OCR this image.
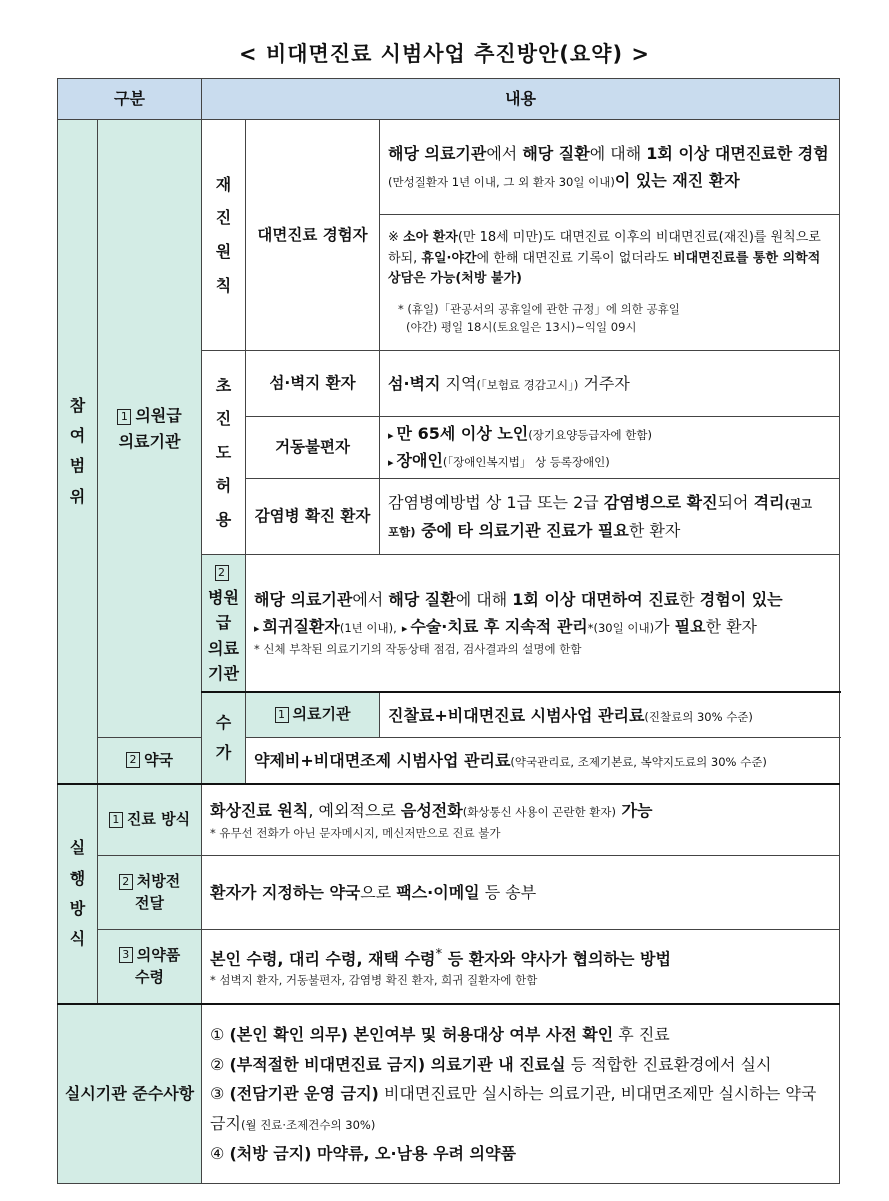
< 비대면진료 시범사업 추진방안(요약) >
구분		내용		
참여범위	1 의원급 의료기관	재진원칙	대면진료 경험자	해당 의료기관에서 해당 질환에 대해 1회 이상 대면진료한 경험(만성질환자 1년 이내, 그 외 환자 30일 이내)이 있는 재진 환자
				※ 소아 환자(만 18세 미만)도 대면진료 이후의 비대면진료(재진)를 원칙으로 하되, 휴일·야간에 한해 대면진료 기록이 없더라도 비대면진료를 통한 의학적 상담은 가능(처방 불가)
* (휴일)「관공서의 공휴일에 관한 규정」에 의한 공휴일
(야간) 평일 18시(토요일은 13시)~익일 09시

		초진도허용	섬·벽지 환자	섬·벽지 지역(「보험료 경감고시」) 거주자
			거동불편자	▸ 만 65세 이상 노인(장기요양등급자에 한함)
▸ 장애인(「장애인복지법」 상 등록장애인)

			감염병 확진 환자	감염병예방법 상 1급 또는 2급 감염병으로 확진되어 격리(권고 포함) 중에 타 의료기관 진료가 필요한 환자
		2병원급 의료기관	해당 의료기관에서 해당 질환에 대해 1회 이상 대면하여 진료한 경험이 있는
▸ 희귀질환자(1년 이내), ▸ 수술·치료 후 지속적 관리*(30일 이내)가 필요한 환자
* 신체 부착된 의료기기의 작동상태 점검, 검사결과의 설명에 한함	

		수가	1 의료기관	진찰료+비대면진료 시범사업 관리료(진찰료의 30% 수준)
	2 약국		약제비+비대면조제 시범사업 관리료(약국관리료, 조제기본료, 복약지도료의 30% 수준)	
실행방식	1 진료 방식	화상진료 원칙, 예외적으로 음성전화(화상통신 사용이 곤란한 환자) 가능
* 유무선 전화가 아닌 문자메시지, 메신저만으로 진료 불가		

	2 처방전 전달	환자가 지정하는 약국으로 팩스·이메일 등 송부		
	3 의약품 수령	본인 수령, 대리 수령, 재택 수령* 등 환자와 약사가 협의하는 방법
* 섬벽지 환자, 거동불편자, 감염병 확진 환자, 희귀 질환자에 한함		

실시기관 준수사항		① (본인 확인 의무) 본인여부 및 허용대상 여부 사전 확인 후 진료
② (부적절한 비대면진료 금지) 의료기관 내 진료실 등 적합한 진료환경에서 실시
③ (전담기관 운영 금지) 비대면진료만 실시하는 의료기관, 비대면조제만 실시하는 약국 금지(월 진료·조제건수의 30%)
④ (처방 금지) 마약류, 오·남용 우려 의약품		
